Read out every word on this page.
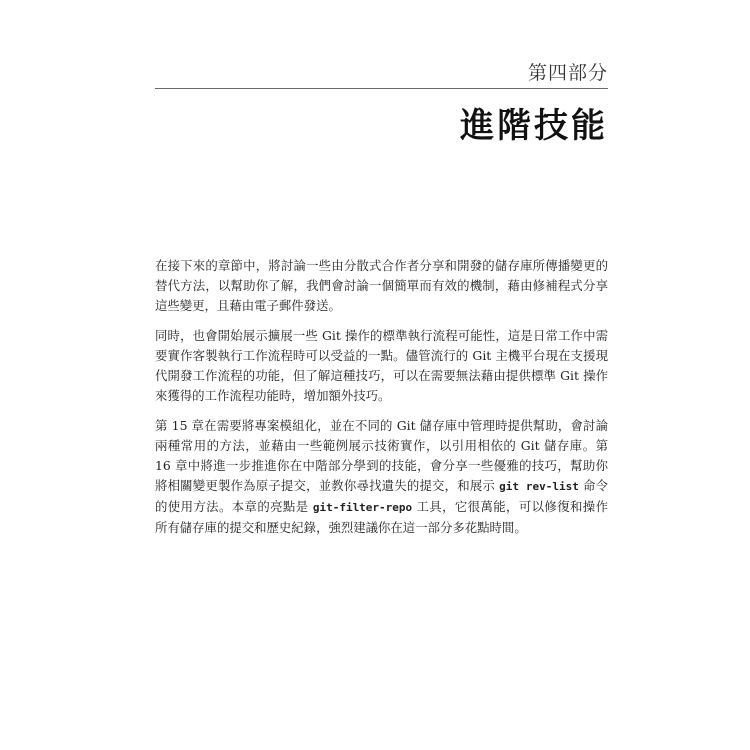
第四部分
進階技能

在接下來的章節中，將討論一些由分散式合作者分享和開發的儲存庫所傳播變更的替代方法，以幫助你了解，我們會討論一個簡單而有效的機制，藉由修補程式分享這些變更，且藉由電子郵件發送。

同時，也會開始展示擴展一些 Git 操作的標準執行流程可能性，這是日常工作中需要實作客製執行工作流程時可以受益的一點。儘管流行的 Git 主機平台現在支援現代開發工作流程的功能，但了解這種技巧，可以在需要無法藉由提供標準 Git 操作來獲得的工作流程功能時，增加額外技巧。

第 15 章在需要將專案模組化，並在不同的 Git 儲存庫中管理時提供幫助，會討論兩種常用的方法，並藉由一些範例展示技術實作，以引用相依的 Git 儲存庫。第 16 章中將進一步推進你在中階部分學到的技能，會分享一些優雅的技巧，幫助你將相關變更製作為原子提交，並教你尋找遺失的提交，和展示 git rev-list 命令的使用方法。本章的亮點是 git-filter-repo 工具，它很萬能，可以修復和操作所有儲存庫的提交和歷史紀錄，強烈建議你在這一部分多花點時間。
